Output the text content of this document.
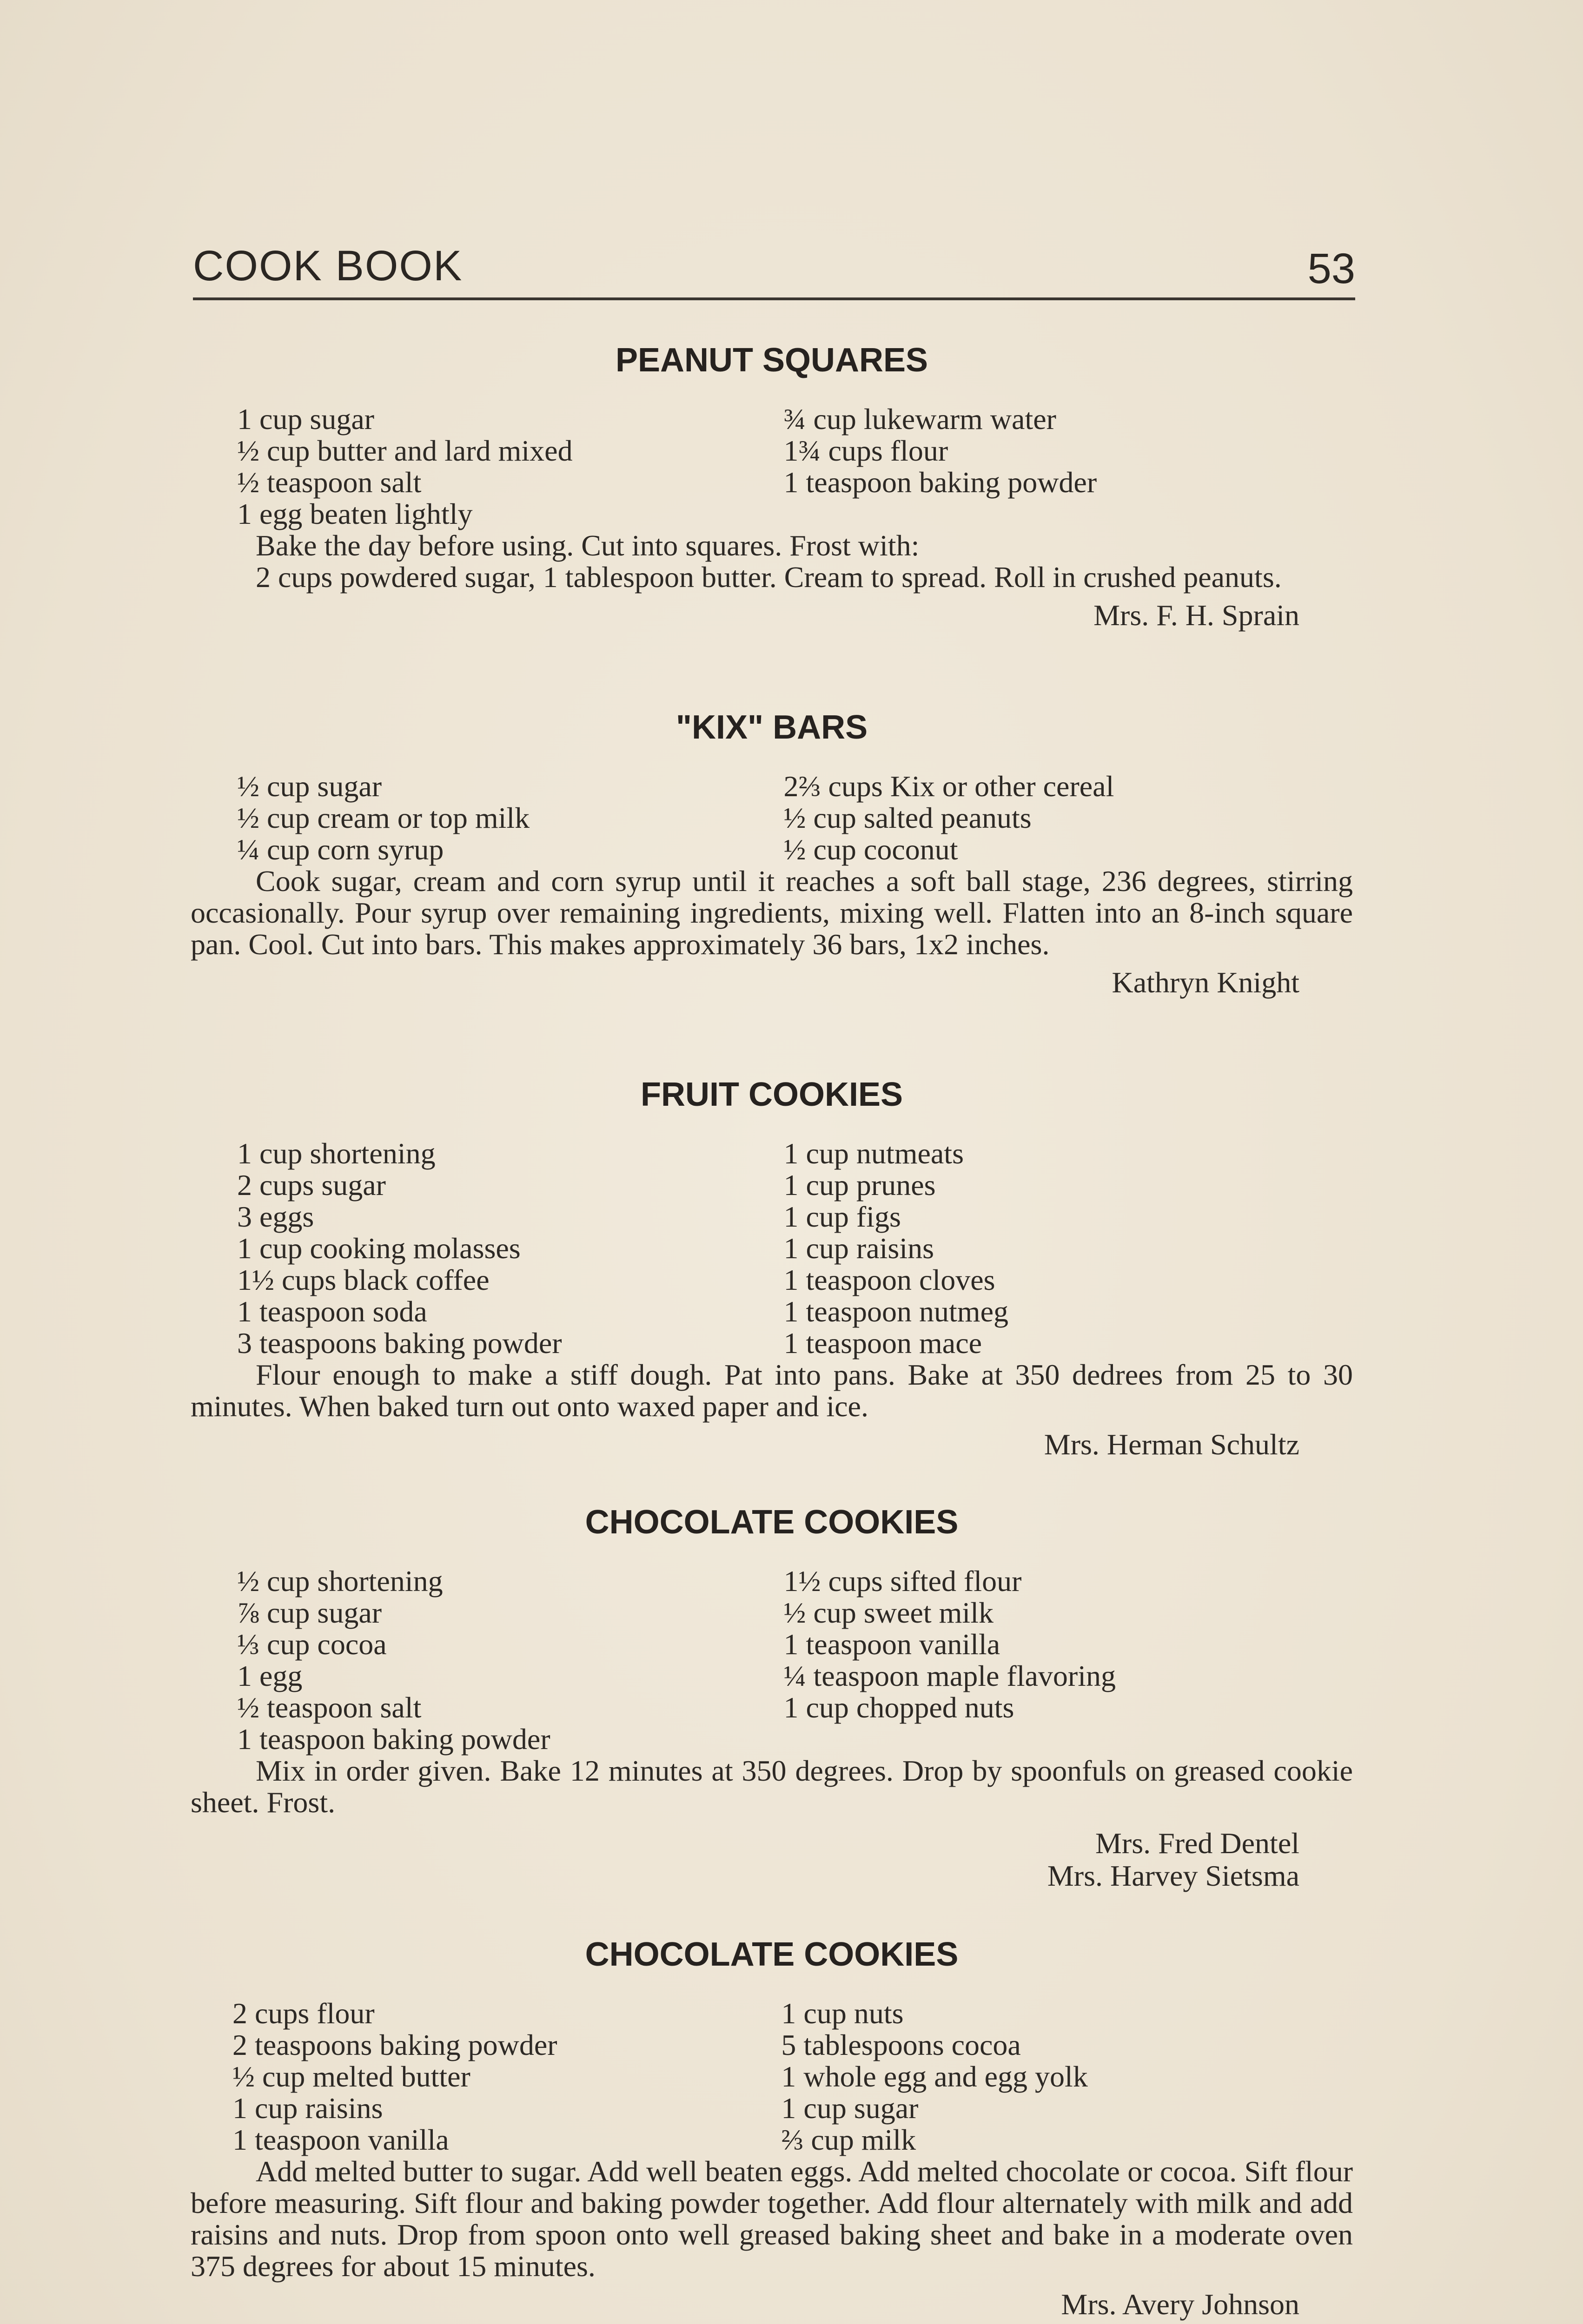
COOK BOOK	53
PEANUT SQUARES
1 cup sugar
½ cup butter and lard mixed
½ teaspoon salt
1 egg beaten lightly
¾ cup lukewarm water
1¾ cups flour
1 teaspoon baking powder

Bake the day before using. Cut into squares. Frost with:

2 cups powdered sugar, 1 tablespoon butter. Cream to spread. Roll in crushed peanuts.

Mrs. F. H. Sprain
"KIX" BARS
½ cup sugar
½ cup cream or top milk
¼ cup corn syrup
2⅔ cups Kix or other cereal
½ cup salted peanuts
½ cup coconut

Cook sugar, cream and corn syrup until it reaches a soft ball stage, 236 degrees, stirring occasionally. Pour syrup over remaining ingredients, mixing well. Flatten into an 8-inch square pan. Cool. Cut into bars. This makes approximately 36 bars, 1x2 inches.

Kathryn Knight
FRUIT COOKIES
1 cup shortening
2 cups sugar
3 eggs
1 cup cooking molasses
1½ cups black coffee
1 teaspoon soda
3 teaspoons baking powder
1 cup nutmeats
1 cup prunes
1 cup figs
1 cup raisins
1 teaspoon cloves
1 teaspoon nutmeg
1 teaspoon mace

Flour enough to make a stiff dough. Pat into pans. Bake at 350 dedrees from 25 to 30 minutes. When baked turn out onto waxed paper and ice.

Mrs. Herman Schultz
CHOCOLATE COOKIES
½ cup shortening
⅞ cup sugar
⅓ cup cocoa
1 egg
½ teaspoon salt
1 teaspoon baking powder
1½ cups sifted flour
½ cup sweet milk
1 teaspoon vanilla
¼ teaspoon maple flavoring
1 cup chopped nuts

Mix in order given. Bake 12 minutes at 350 degrees. Drop by spoonfuls on greased cookie sheet. Frost.

Mrs. Fred Dentel
Mrs. Harvey Sietsma
CHOCOLATE COOKIES
2 cups flour
2 teaspoons baking powder
½ cup melted butter
1 cup raisins
1 teaspoon vanilla
1 cup nuts
5 tablespoons cocoa
1 whole egg and egg yolk
1 cup sugar
⅔ cup milk

Add melted butter to sugar. Add well beaten eggs. Add melted chocolate or cocoa. Sift flour before measuring. Sift flour and baking powder together. Add flour alternately with milk and add raisins and nuts. Drop from spoon onto well greased baking sheet and bake in a moderate oven 375 degrees for about 15 minutes.

Mrs. Avery Johnson
